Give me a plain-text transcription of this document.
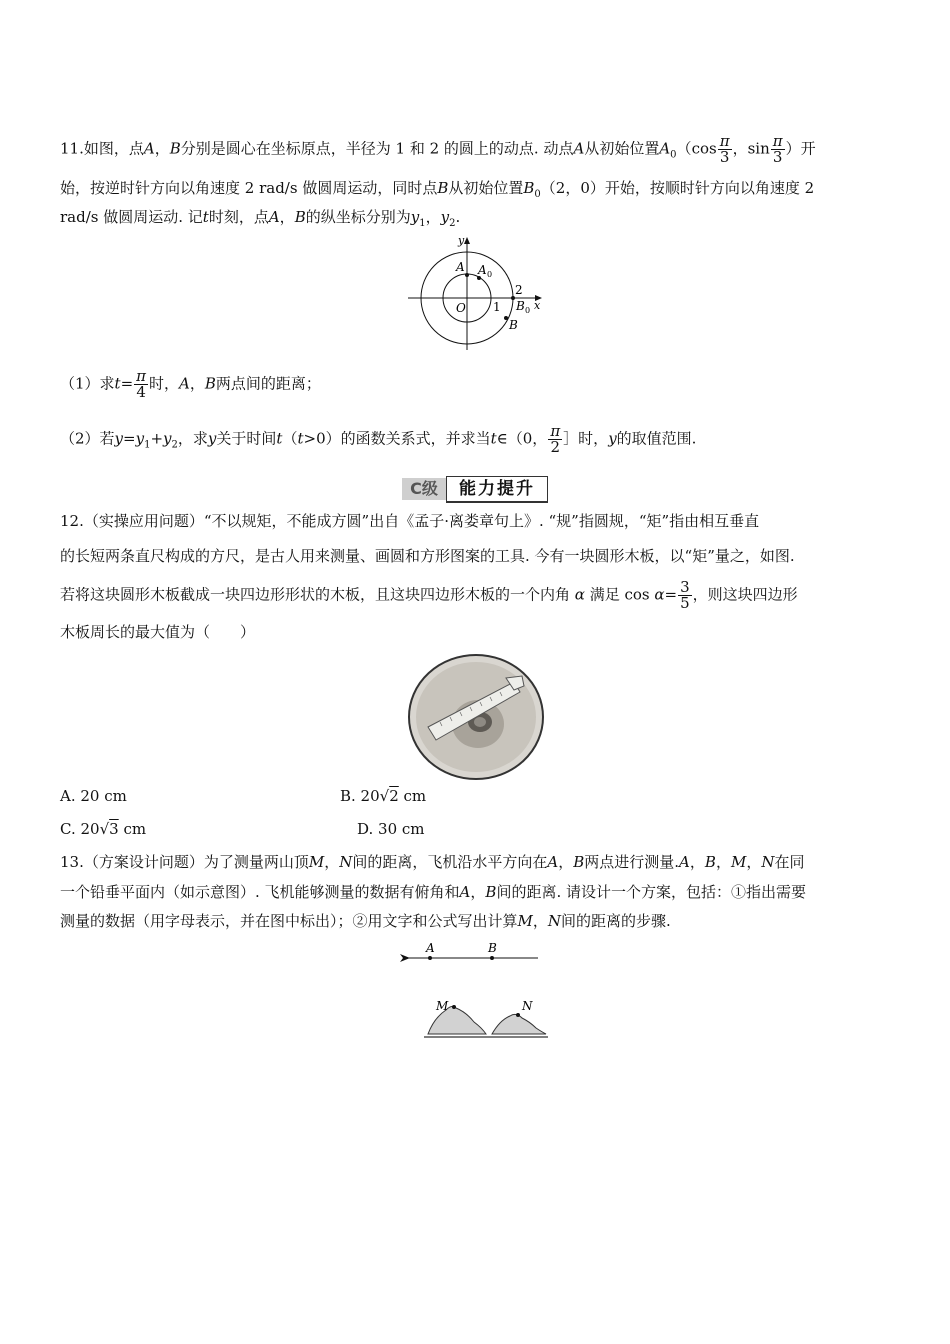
11.如图，点A，B分别是圆心在坐标原点，半径为 1 和 2 的圆上的动点. 动点A从初始位置$A_0(\cos \frac{\pi}{3}$ ，$\sin \frac{\pi}{3}$ ）开
始，按逆时针方向以角速度 2 rad/s 做圆周运动，同时点B从初始位置$B_0(2$，0）开始，按顺时针方向以角速度 2
rad/s 做圆周运动. 记t时刻，点A，B的纵坐标分别为$y_1$，$y_2$.
y
x
O 1
2
A A 0
B 0
B
（1）求$t= \frac{\pi}{4}$ 时，A，B两点间的距离；
（2）若$y=y_1+y_2$，求y关于时间t（t>0）的函数关系式，并求当t∈（0， $\frac{\pi}{2}$ ］时，y的取值范围.
C级	能力提升
12.（实操应用问题）“不以规矩，不能成方圆”出自《孟子·离娄章句上》. “规”指圆规，“矩”指由相互垂直
的长短两条直尺构成的方尺，是古人用来测量、画圆和方形图案的工具. 今有一块圆形木板，以“矩”量之，如图.
若将这块圆形木板截成一块四边形形状的木板，且这块四边形木板的一个内角 α 满足 $\cos \alpha= \frac{3}{5}$ ，则这块四边形
木板周长的最大值为（　　）
A. 20 cm	B. 20√2 cm
C. 20√3 cm	D. 30 cm
13.（方案设计问题）为了测量两山顶M，N间的距离，飞机沿水平方向在A，B两点进行测量.A，B，M，N在同
一个铅垂平面内（如示意图）. 飞机能够测量的数据有俯角和A，B间的距离. 请设计一个方案，包括：①指出需要
测量的数据（用字母表示，并在图中标出）；②用文字和公式写出计算M，N间的距离的步骤.
A	B
M	N
